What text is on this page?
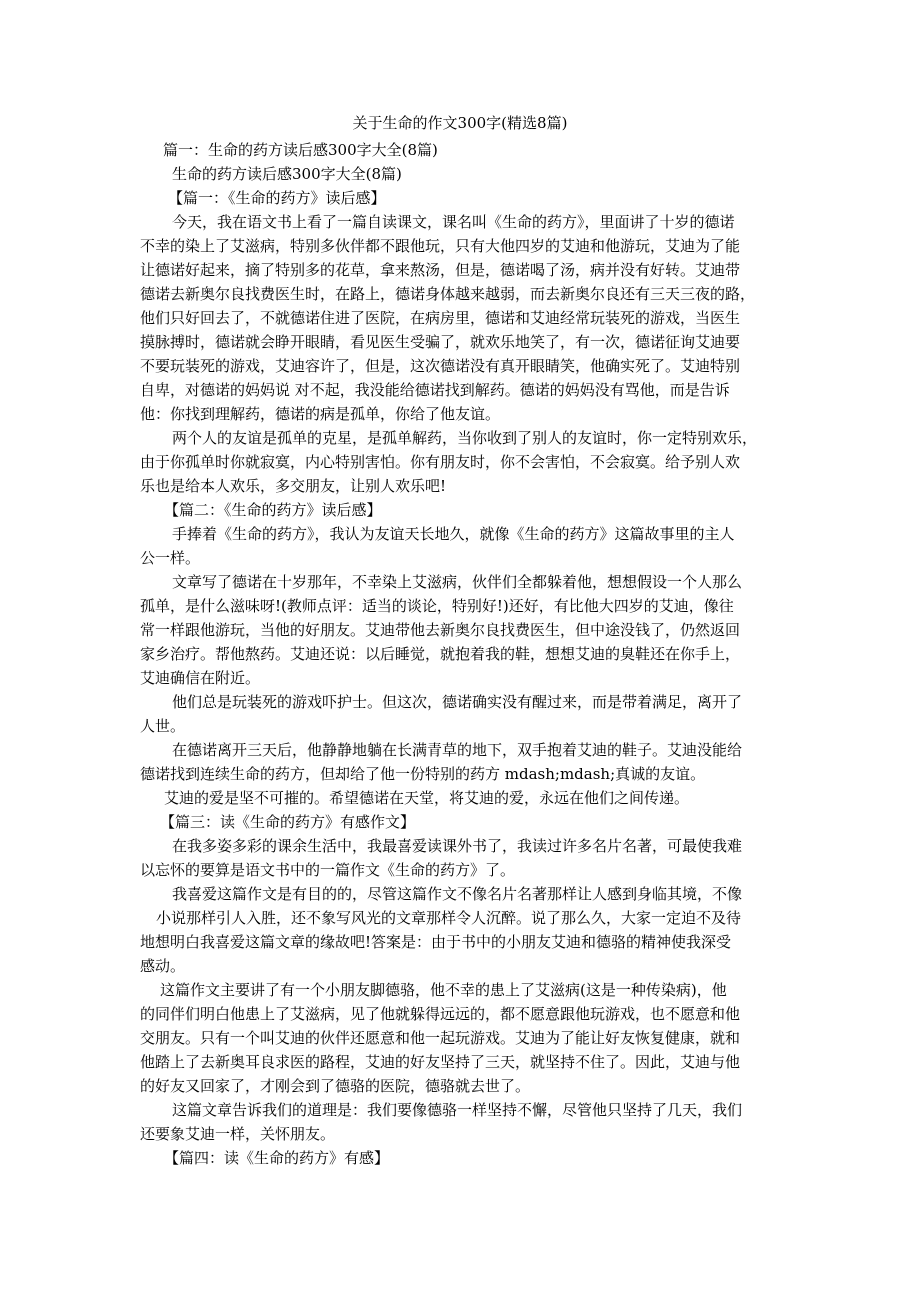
关于生命的作文300字(精选8篇)

篇一：生命的药方读后感300字大全(8篇)

生命的药方读后感300字大全(8篇)

【篇一：《生命的药方》读后感】

今天，我在语文书上看了一篇自读课文，课名叫《生命的药方》，里面讲了十岁的德诺

不幸的染上了艾滋病，特别多伙伴都不跟他玩，只有大他四岁的艾迪和他游玩，艾迪为了能

让德诺好起来，摘了特别多的花草，拿来熬汤，但是，德诺喝了汤，病并没有好转。艾迪带

德诺去新奥尔良找费医生时，在路上，德诺身体越来越弱，而去新奥尔良还有三天三夜的路，

他们只好回去了，不就德诺住进了医院，在病房里，德诺和艾迪经常玩装死的游戏，当医生

摸脉搏时，德诺就会睁开眼睛，看见医生受骗了，就欢乐地笑了，有一次，德诺征询艾迪要

不要玩装死的游戏，艾迪容许了，但是，这次德诺没有真开眼睛笑，他确实死了。艾迪特别

自卑，对德诺的妈妈说 对不起，我没能给德诺找到解药。德诺的妈妈没有骂他，而是告诉

他：你找到理解药，德诺的病是孤单，你给了他友谊。

两个人的友谊是孤单的克星，是孤单解药，当你收到了别人的友谊时，你一定特别欢乐，

由于你孤单时你就寂寞，内心特别害怕。你有朋友时，你不会害怕，不会寂寞。给予别人欢

乐也是给本人欢乐，多交朋友，让别人欢乐吧!

【篇二：《生命的药方》读后感】

手捧着《生命的药方》，我认为友谊天长地久，就像《生命的药方》这篇故事里的主人

公一样。

文章写了德诺在十岁那年，不幸染上艾滋病，伙伴们全都躲着他，想想假设一个人那么

孤单，是什么滋味呀!(教师点评：适当的谈论，特别好!)还好，有比他大四岁的艾迪，像往

常一样跟他游玩，当他的好朋友。艾迪带他去新奥尔良找费医生，但中途没钱了，仍然返回

家乡治疗。帮他熬药。艾迪还说：以后睡觉，就抱着我的鞋，想想艾迪的臭鞋还在你手上，

艾迪确信在附近。

他们总是玩装死的游戏吓护士。但这次，德诺确实没有醒过来，而是带着满足，离开了

人世。

在德诺离开三天后，他静静地躺在长满青草的地下，双手抱着艾迪的鞋子。艾迪没能给

德诺找到连续生命的药方，但却给了他一份特别的药方 mdash;mdash;真诚的友谊。

艾迪的爱是坚不可摧的。希望德诺在天堂，将艾迪的爱，永远在他们之间传递。

【篇三：读《生命的药方》有感作文】

在我多姿多彩的课余生活中，我最喜爱读课外书了，我读过许多名片名著，可最使我难

以忘怀的要算是语文书中的一篇作文《生命的药方》了。

我喜爱这篇作文是有目的的，尽管这篇作文不像名片名著那样让人感到身临其境，不像

小说那样引人入胜，还不象写风光的文章那样令人沉醉。说了那么久，大家一定迫不及待

地想明白我喜爱这篇文章的缘故吧!答案是：由于书中的小朋友艾迪和德骆的精神使我深受

感动。

这篇作文主要讲了有一个小朋友脚德骆，他不幸的患上了艾滋病(这是一种传染病)，他

的同伴们明白他患上了艾滋病，见了他就躲得远远的，都不愿意跟他玩游戏，也不愿意和他

交朋友。只有一个叫艾迪的伙伴还愿意和他一起玩游戏。艾迪为了能让好友恢复健康，就和

他踏上了去新奥耳良求医的路程，艾迪的好友坚持了三天，就坚持不住了。因此，艾迪与他

的好友又回家了，才刚会到了德骆的医院，德骆就去世了。

这篇文章告诉我们的道理是：我们要像德骆一样坚持不懈，尽管他只坚持了几天，我们

还要象艾迪一样，关怀朋友。

【篇四：读《生命的药方》有感】
